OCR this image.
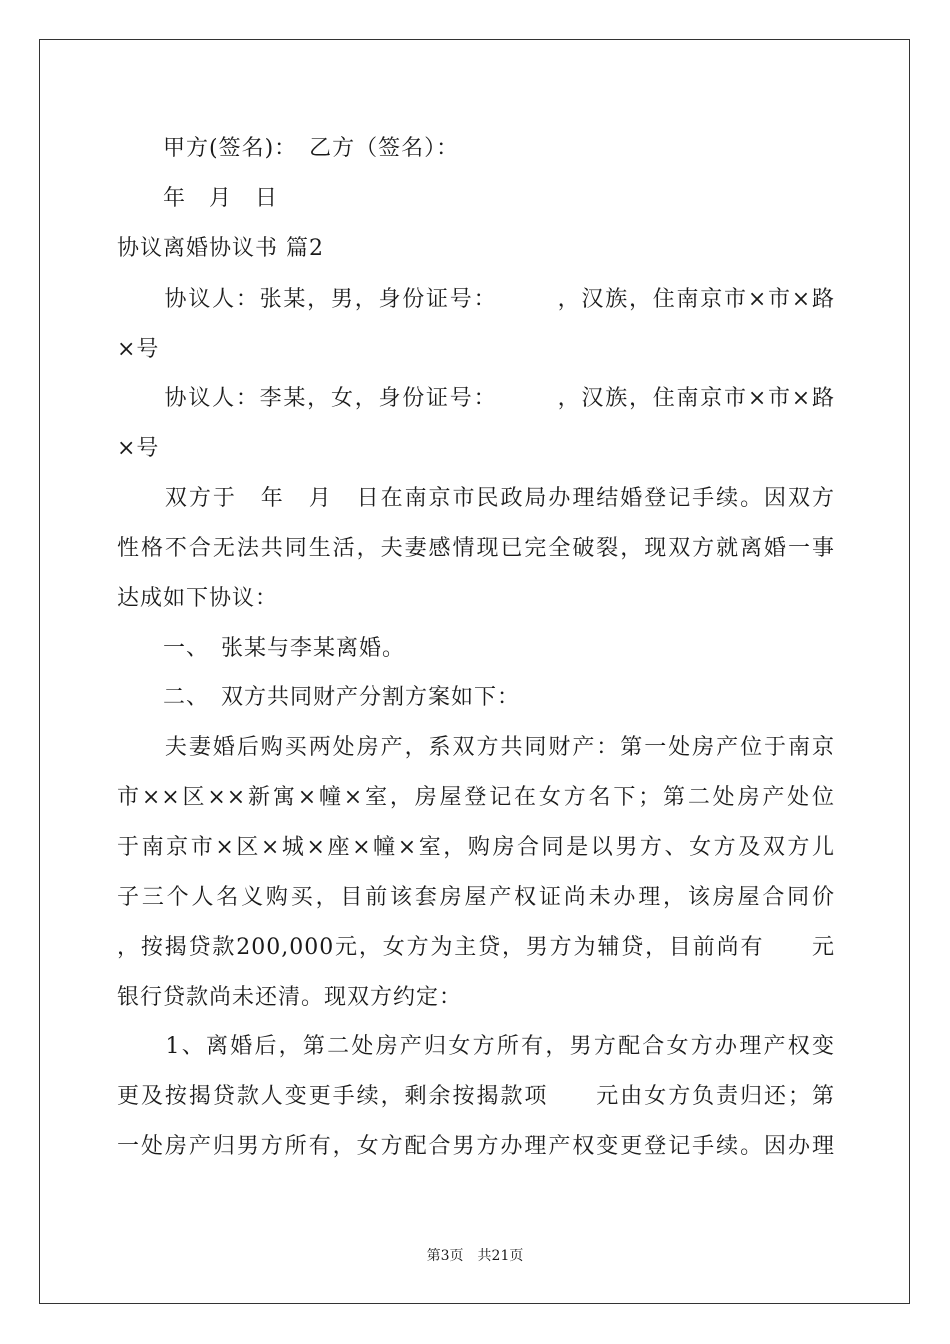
　　甲方(签名)：　乙方（签名）：
　　年　月　日
协议离婚协议书 篇2
　　协议人：张某，男，身份证号：　　　，汉族，住南京市×市×路
×号
　　协议人：李某，女，身份证号：　　　，汉族，住南京市×市×路
×号
　　双方于　年　月　日在南京市民政局办理结婚登记手续。因双方
性格不合无法共同生活，夫妻感情现已完全破裂，现双方就离婚一事
达成如下协议：
　　一、　张某与李某离婚。
　　二、　双方共同财产分割方案如下：
　　夫妻婚后购买两处房产，系双方共同财产：第一处房产位于南京
市××区××新寓×幢×室，房屋登记在女方名下；第二处房产处位
于南京市×区×城×座×幢×室，购房合同是以男方、女方及双方儿
子三个人名义购买，目前该套房屋产权证尚未办理，该房屋合同价
，按揭贷款200,000元，女方为主贷，男方为辅贷，目前尚有　　元
银行贷款尚未还清。现双方约定：
　　1、离婚后，第二处房产归女方所有，男方配合女方办理产权变
更及按揭贷款人变更手续，剩余按揭款项　　元由女方负责归还；第
一处房产归男方所有，女方配合男方办理产权变更登记手续。因办理
第3页　共21页
